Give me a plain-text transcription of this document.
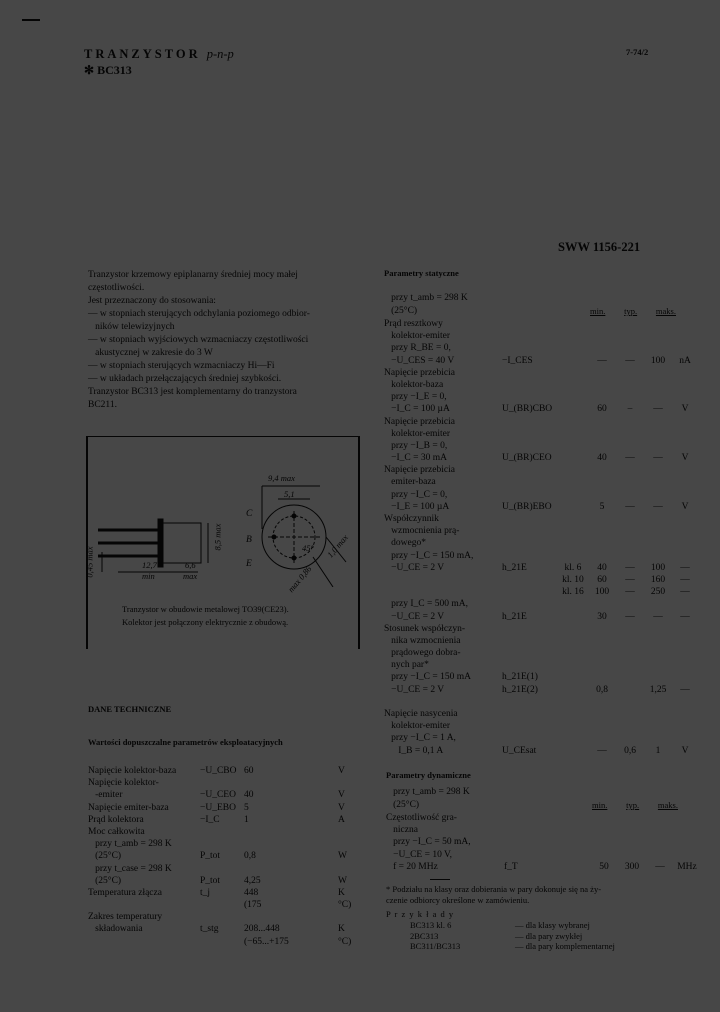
TRANZYSTOR p-n-p
✻ BC313
7-74/2
SWW 1156-221
Tranzystor krzemowy epiplanarny średniej mocy małej
częstotliwości.
Jest przeznaczony do stosowania:
— w stopniach sterujących odchylania poziomego odbior-
ników telewizyjnych
— w stopniach wyjściowych wzmacniaczy częstotliwości
akustycznej w zakresie do 3 W
— w stopniach sterujących wzmacniaczy Hi—Fi
— w układach przełączających średniej szybkości.
Tranzystor BC313 jest komplementarny do tranzystora
BC211.
9,4 max
5,1
8,5 max
12,7
min
6,6
max
0,45 max
1,0 max
max 0,86
45°
C
B
E
Tranzystor w obudowie metalowej TO39(CE23).
Kolektor jest połączony elektrycznie z obudową.
DANE TECHNICZNE
Wartości dopuszczalne parametrów eksploatacyjnych
Napięcie kolektor-baza	−U_CBO 60	V
Napięcie kolektor-
-emiter	−U_CEO 40	V
Napięcie emiter-baza	−U_EBO 5	V
Prąd kolektora	−I_C	1	A
Moc całkowita
przy t_amb = 298 K
(25°C)	P_tot	0,8	W
przy t_case = 298 K
(25°C)	P_tot	4,25	W
Temperatura złącza	t_j	448	K
(175	°C)
Zakres temperatury
składowania	t_stg	208...448	K
(−65...+175	°C)
Parametry statyczne
przy t_amb = 298 K
(25°C)	min. typ. maks.
Prąd resztkowy
kolektor-emiter
przy R_BE = 0,
−U_CES = 40 V	−I_CES	—	—	100	nA
Napięcie przebicia
kolektor-baza
przy −I_E = 0,
−I_C = 100 µA	U_(BR)CBO	60	–	—	V
Napięcie przebicia
kolektor-emiter
przy −I_B = 0,
−I_C = 30 mA	U_(BR)CEO	40	—	—	V
Napięcie przebicia
emiter-baza
przy −I_C = 0,
−I_E = 100 µA	U_(BR)EBO	5	—	—	V
Współczynnik
wzmocnienia prą-
dowego*
przy −I_C = 150 mA,
−U_CE = 2 V	h_21E	kl. 6	40	—	100	—
kl. 10	60	—	160	—
kl. 16	100	—	250	—
przy I_C = 500 mA,
−U_CE = 2 V	h_21E	30	—	—	—
Stosunek współczyn-
nika wzmocnienia
prądowego dobra-
nych par*
przy −I_C = 150 mA	h_21E(1)
−U_CE = 2 V	h_21E(2)	0,8	1,25	—
Napięcie nasycenia
kolektor-emiter
przy −I_C = 1 A,
I_B = 0,1 A	U_CEsat	—	0,6	1	V
Parametry dynamiczne
przy t_amb = 298 K
(25°C)	min. typ. maks.
Częstotliwość gra-
niczna
przy −I_C = 50 mA,
−U_CE = 10 V,
f = 20 MHz	f_T	50	300	—	MHz
* Podziału na klasy oraz dobierania w pary dokonuje się na ży-
czenie odbiorcy określone w zamówieniu.
P r z y k ł a d y
BC313 kl. 6	— dla klasy wybranej
2BC313	— dla pary zwykłej
BC311/BC313	— dla pary komplementarnej
